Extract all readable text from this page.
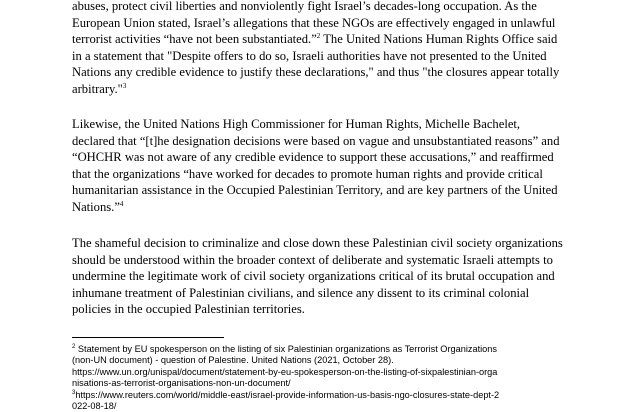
abuses, protect civil liberties and nonviolently fight Israel’s decades-long occupation. As the
European Union stated, Israel’s allegations that these NGOs are effectively engaged in unlawful
terrorist activities “have not been substantiated.”$^2$ The United Nations Human Rights Office said
in a statement that "Despite offers to do so, Israeli authorities have not presented to the United
Nations any credible evidence to justify these declarations," and thus "the closures appear totally
arbitrary."$^3$

Likewise, the United Nations High Commissioner for Human Rights, Michelle Bachelet,
declared that “[t]he designation decisions were based on vague and unsubstantiated reasons” and
“OHCHR was not aware of any credible evidence to support these accusations,” and reaffirmed
that the organizations “have worked for decades to promote human rights and provide critical
humanitarian assistance in the Occupied Palestinian Territory, and are key partners of the United
Nations.”$^4$

The shameful decision to criminalize and close down these Palestinian civil society organizations
should be understood within the broader context of deliberate and systematic Israeli attempts to
undermine the legitimate work of civil society organizations critical of its brutal occupation and
inhumane treatment of Palestinian civilians, and silence any dissent to its criminal colonial
policies in the occupied Palestinian territories.

$^2$ Statement by EU spokesperson on the listing of six Palestinian organizations as Terrorist Organizations
(non-UN document) - question of Palestine. United Nations (2021, October 28).
https://www.un.org/unispal/document/statement-by-eu-spokesperson-on-the-listing-of-sixpalestinian-orga
nisations-as-terrorist-organisations-non-un-document/
$^3$https://www.reuters.com/world/middle-east/israel-provide-information-us-basis-ngo-closures-state-dept-2
022-08-18/
